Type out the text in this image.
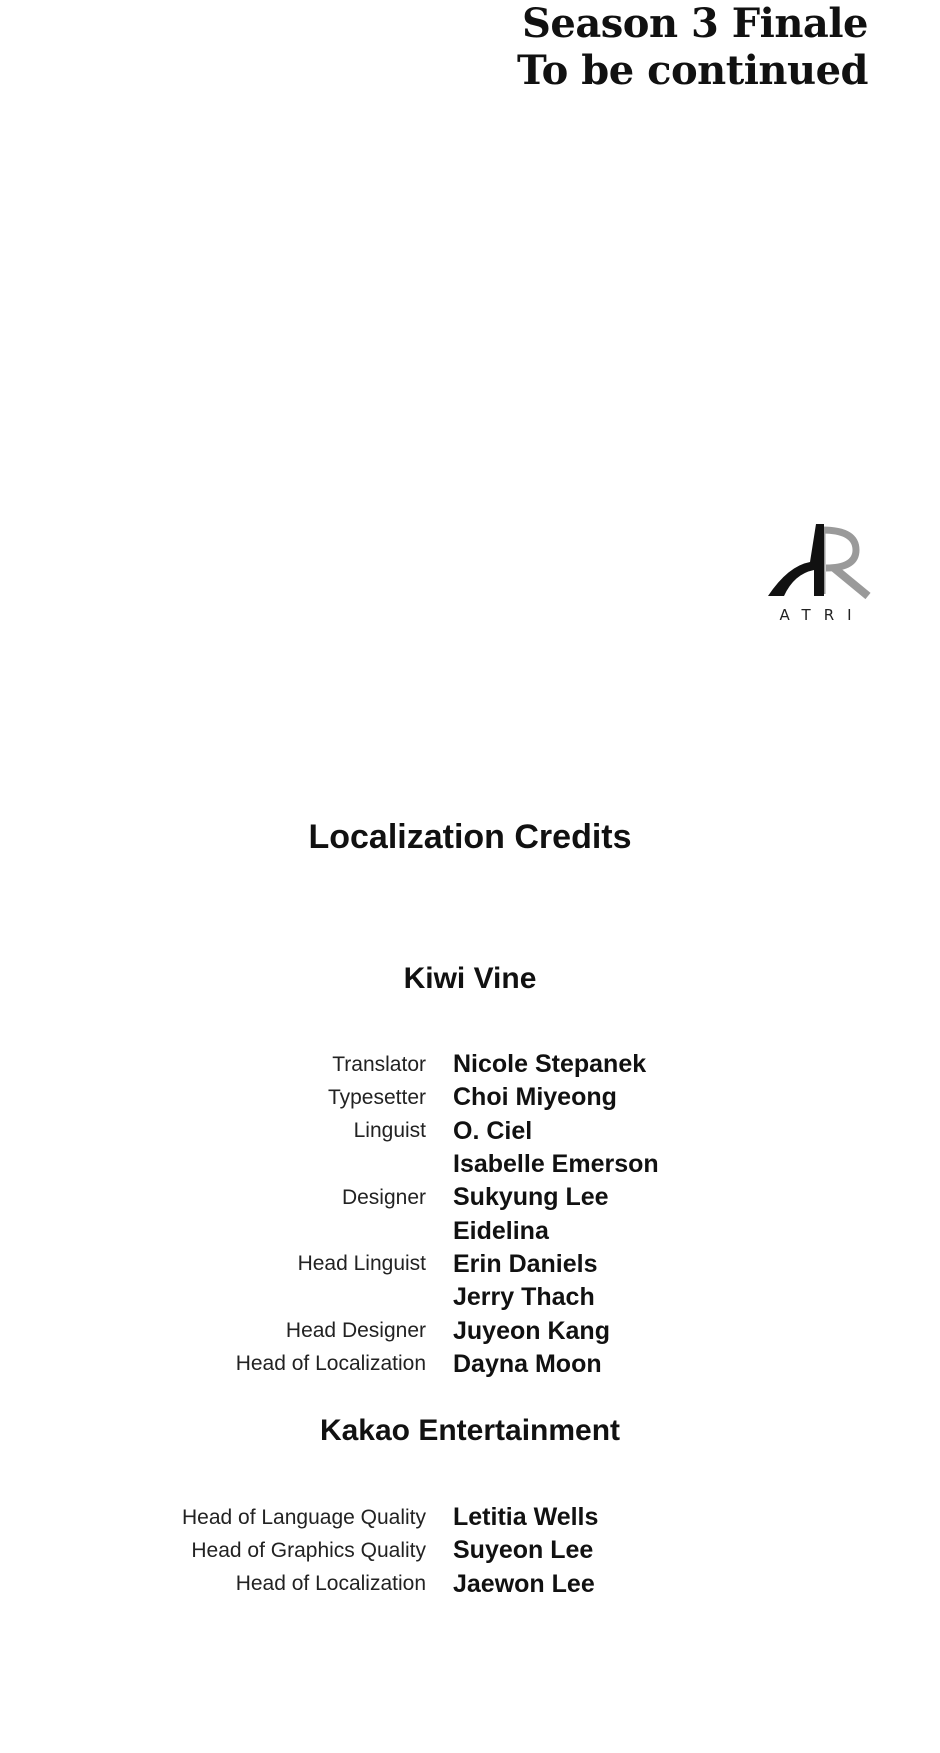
Season 3 Finale
To be continued
ATRI
Localization Credits
Kiwi Vine
Translator	Nicole Stepanek
Typesetter	Choi Miyeong
Linguist	O. Ciel
Isabelle Emerson
Designer	Sukyung Lee
Eidelina
Head Linguist	Erin Daniels
Jerry Thach
Head Designer	Juyeon Kang
Head of Localization	Dayna Moon
Kakao Entertainment
Head of Language Quality	Letitia Wells
Head of Graphics Quality	Suyeon Lee
Head of Localization	Jaewon Lee
